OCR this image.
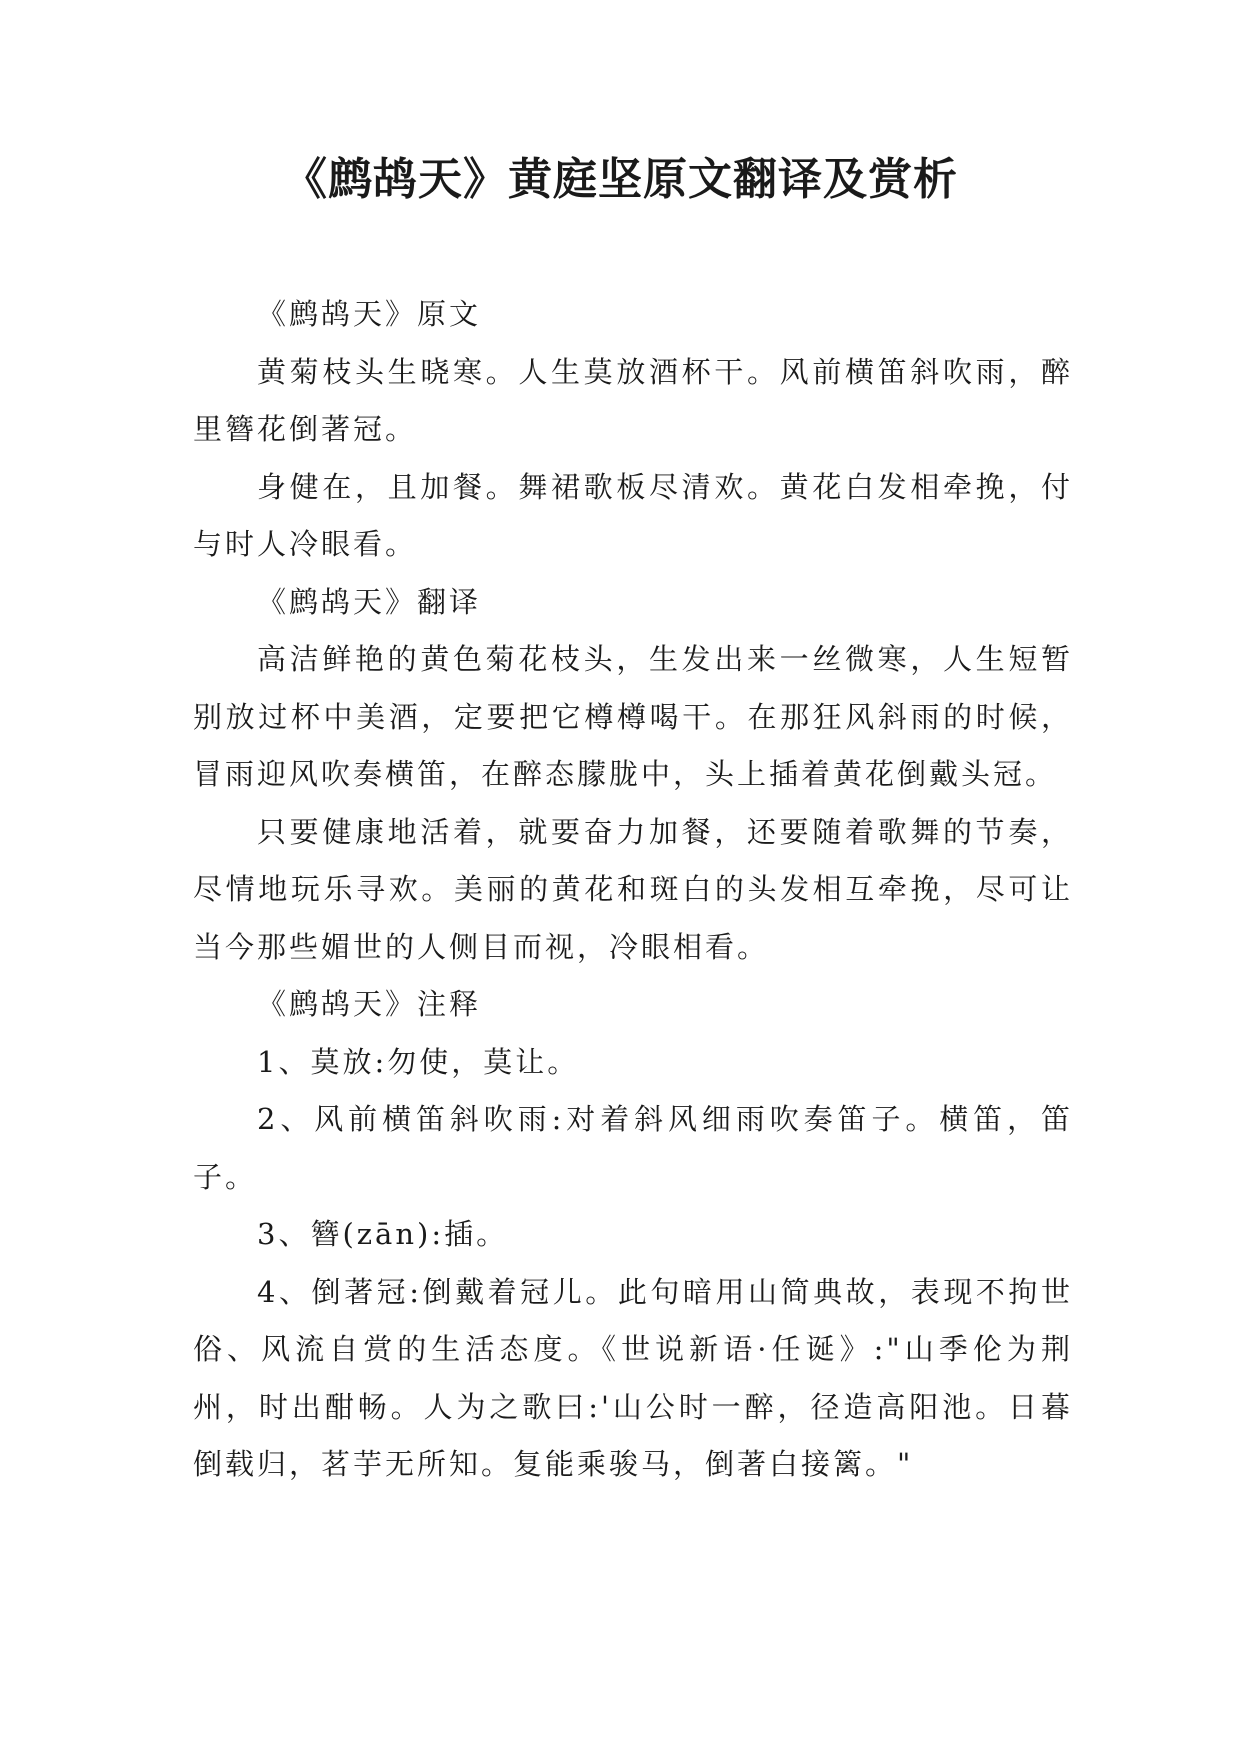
《鹧鸪天》黄庭坚原文翻译及赏析

《鹧鸪天》原文

黄菊枝头生晓寒。人生莫放酒杯干。风前横笛斜吹雨，醉里簪花倒著冠。

身健在，且加餐。舞裙歌板尽清欢。黄花白发相牵挽，付与时人冷眼看。

《鹧鸪天》翻译

高洁鲜艳的黄色菊花枝头，生发出来一丝微寒，人生短暂别放过杯中美酒，定要把它樽樽喝干。在那狂风斜雨的时候，冒雨迎风吹奏横笛，在醉态朦胧中，头上插着黄花倒戴头冠。

只要健康地活着，就要奋力加餐，还要随着歌舞的节奏，尽情地玩乐寻欢。美丽的黄花和斑白的头发相互牵挽，尽可让当今那些媚世的人侧目而视，冷眼相看。

《鹧鸪天》注释

1、莫放:勿使，莫让。

2、风前横笛斜吹雨:对着斜风细雨吹奏笛子。横笛，笛子。

3、簪(zān):插。

4、倒著冠:倒戴着冠儿。此句暗用山简典故，表现不拘世俗、风流自赏的生活态度。《世说新语·任诞》:"山季伦为荆州，时出酣畅。人为之歌曰:'山公时一醉，径造高阳池。日暮倒载归，茗芋无所知。复能乘骏马，倒著白接篱。"
